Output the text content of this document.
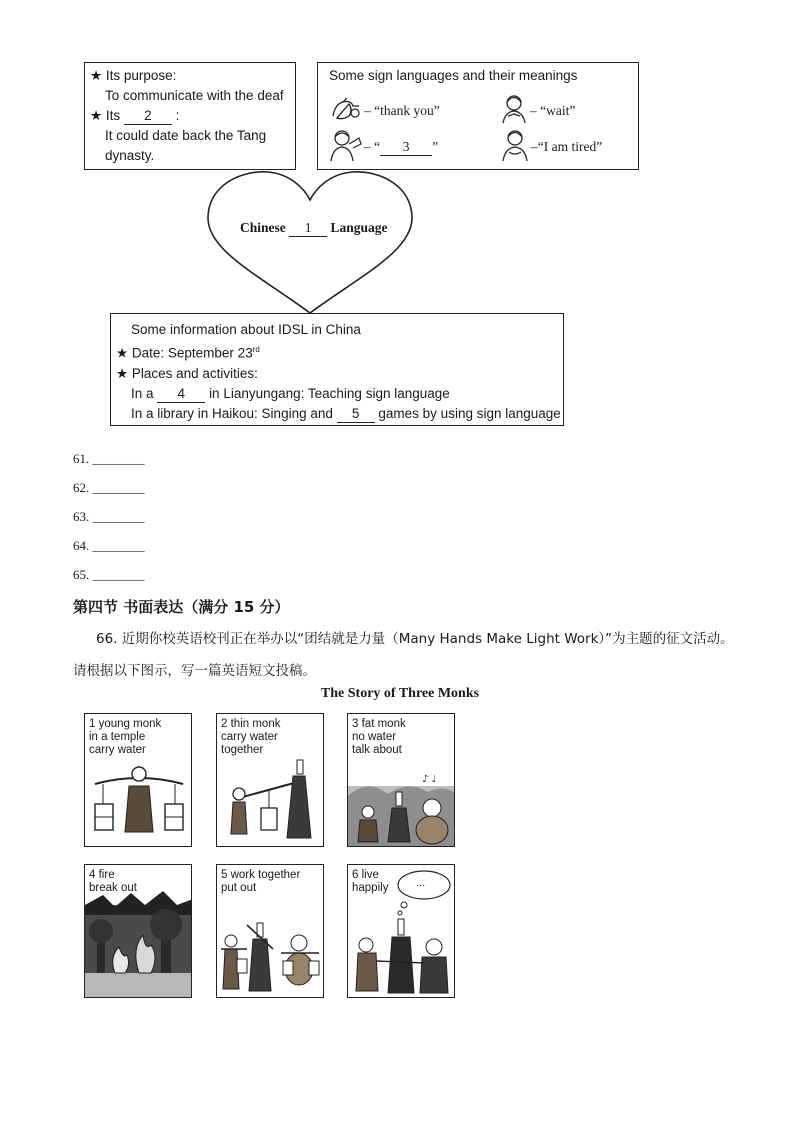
★ Its purpose:
To communicate with the deaf
★ Its 2 :
It could date back the Tang
dynasty.
Some sign languages and their meanings
– “thank you”	– “wait”
– “ 3 ”	–“I am tired”
Chinese 1 Language
Some information about IDSL in China
★ Date: September 23rd
★ Places and activities:
In a 4 in Lianyungang: Teaching sign language
In a library in Haikou: Singing and 5 games by using sign language
61. ________
62. ________
63. ________
64. ________
65. ________
第四节 书面表达（满分 15 分）
66. 近期你校英语校刊正在举办以“团结就是力量（Many Hands Make Light Work）”为主题的征文活动。
请根据以下图示，写一篇英语短文投稿。
The Story of Three Monks
1 young monk
in a temple
carry water
2 thin monk
carry water
together
3 fat monk
no water
talk about
♪ ♩
4 fire
break out
5 work together
put out
6 live
happily	...
